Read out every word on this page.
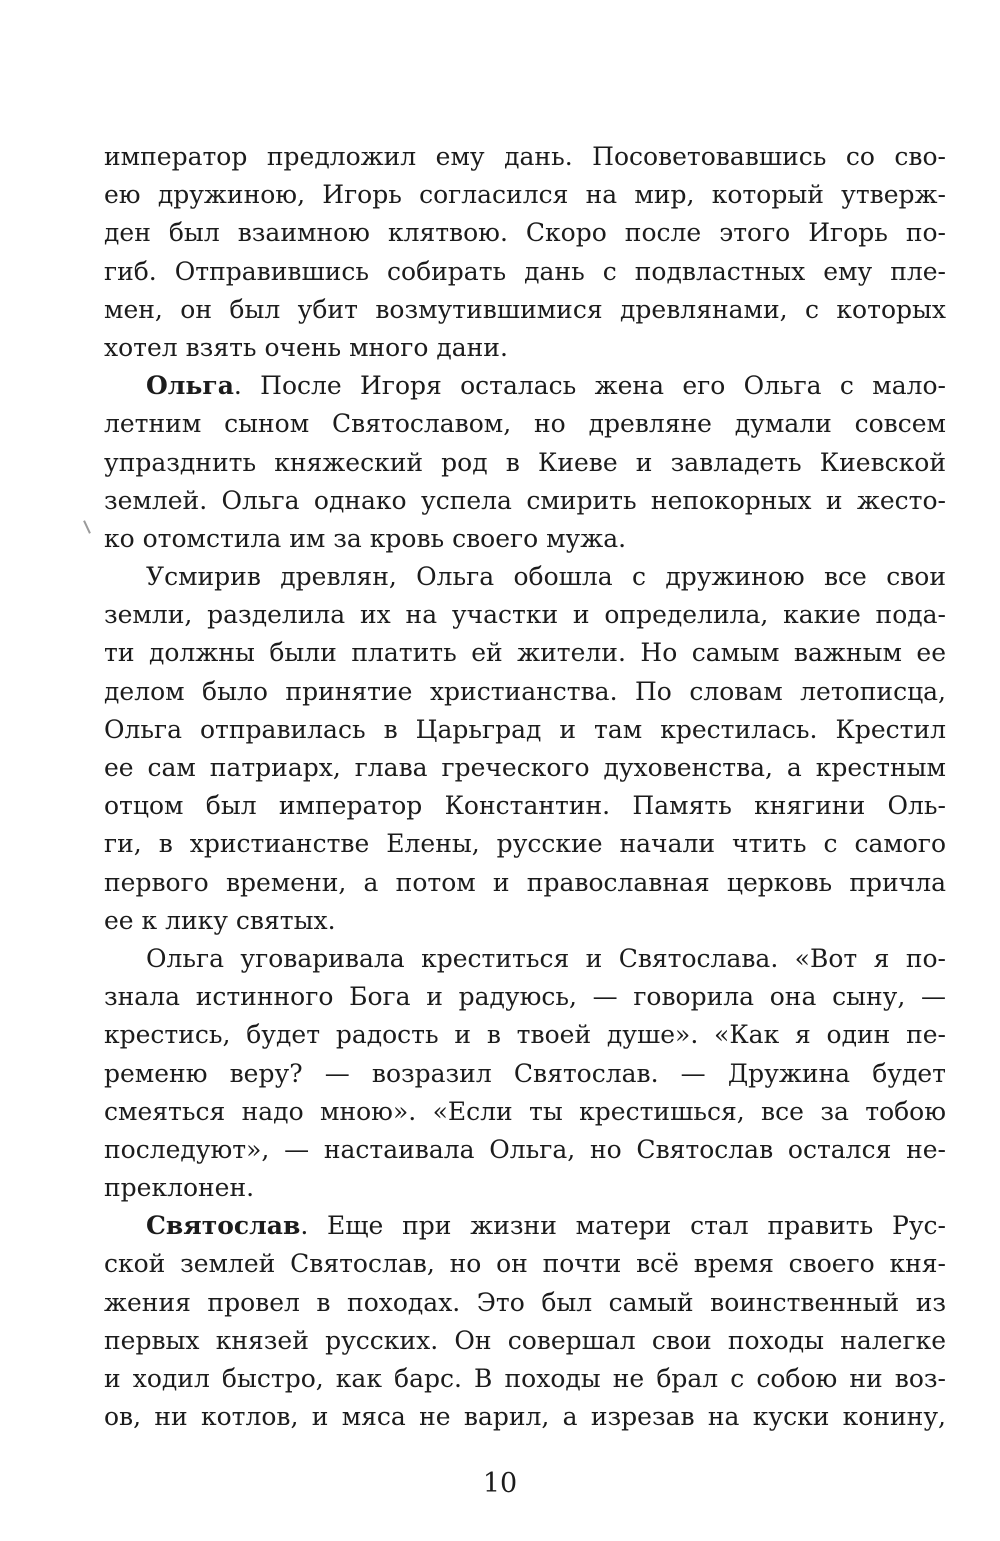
император предложил ему дань. Посоветовавшись со сво-
ею дружиною, Игорь согласился на мир, который утверж-
ден был взаимною клятвою. Скоро после этого Игорь по-
гиб. Отправившись собирать дань с подвластных ему пле-
мен, он был убит возмутившимися древлянами, с которых
хотел взять очень много дани.
Ольга. После Игоря осталась жена его Ольга с мало-
летним сыном Святославом, но древляне думали совсем
упразднить княжеский род в Киеве и завладеть Киевской
землей. Ольга однако успела смирить непокорных и жесто-
ко отомстила им за кровь своего мужа.
Усмирив древлян, Ольга обошла с дружиною все свои
земли, разделила их на участки и определила, какие пода-
ти должны были платить ей жители. Но самым важным ее
делом было принятие христианства. По словам летописца,
Ольга отправилась в Царьград и там крестилась. Крестил
ее сам патриарх, глава греческого духовенства, а крестным
отцом был император Константин. Память княгини Оль-
ги, в христианстве Елены, русские начали чтить с самого
первого времени, а потом и православная церковь причла
ее к лику святых.
Ольга уговаривала креститься и Святослава. «Вот я по-
знала истинного Бога и радуюсь, — говорила она сыну, —
крестись, будет радость и в твоей душе». «Как я один пе-
ременю веру? — возразил Святослав. — Дружина будет
смеяться надо мною». «Если ты крестишься, все за тобою
последуют», — настаивала Ольга, но Святослав остался не-
преклонен.
Святослав. Еще при жизни матери стал править Рус-
ской землей Святослав, но он почти всё время своего кня-
жения провел в походах. Это был самый воинственный из
первых князей русских. Он совершал свои походы налегке
и ходил быстро, как барс. В походы не брал с собою ни воз-
ов, ни котлов, и мяса не варил, а изрезав на куски конину,
10
